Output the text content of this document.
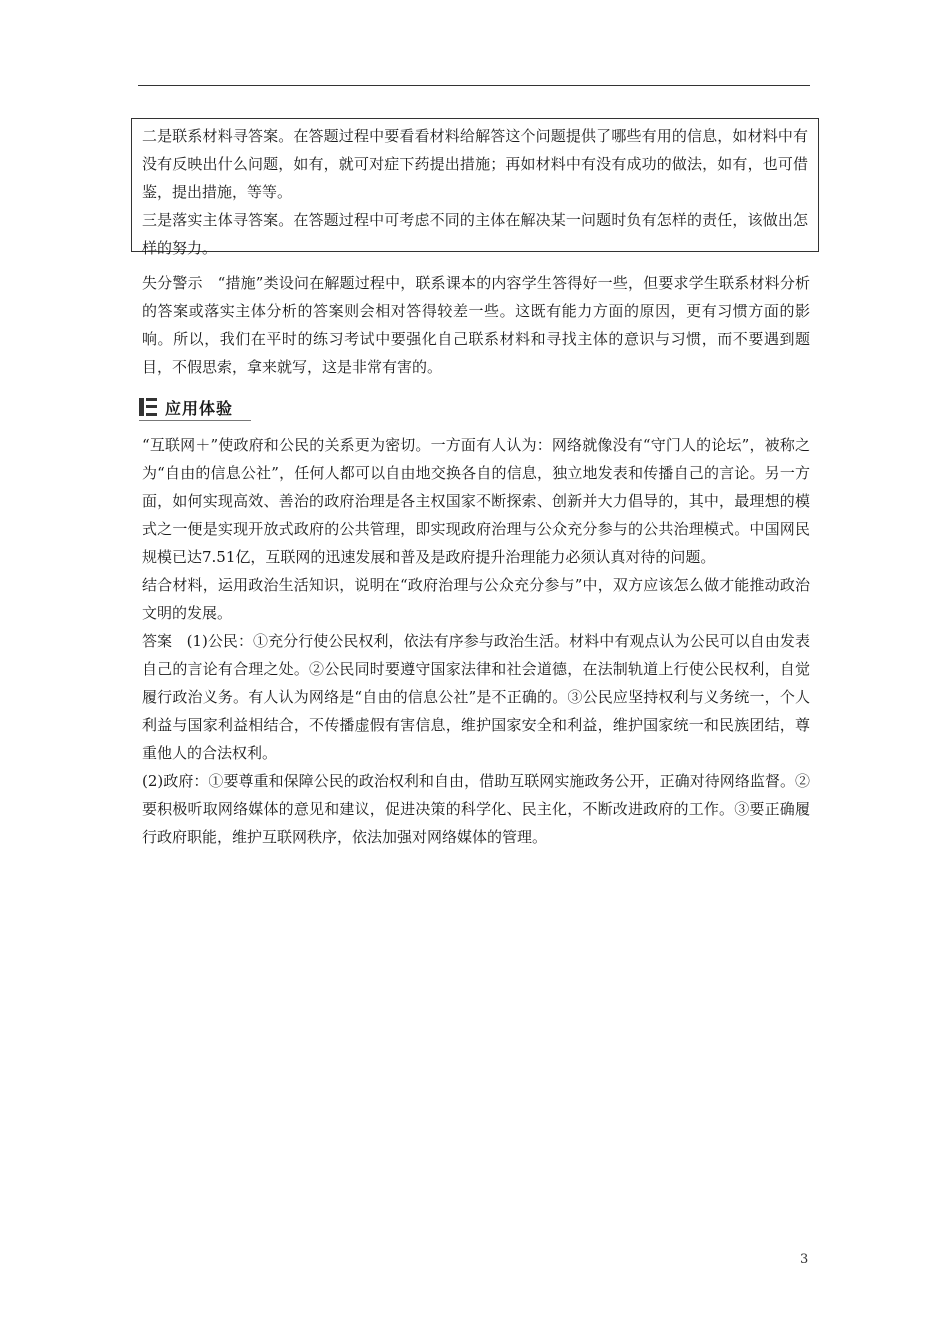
二是联系材料寻答案。在答题过程中要看看材料给解答这个问题提供了哪些有用的信息，如材料中有没有反映出什么问题，如有，就可对症下药提出措施；再如材料中有没有成功的做法，如有，也可借鉴，提出措施，等等。

三是落实主体寻答案。在答题过程中可考虑不同的主体在解决某一问题时负有怎样的责任，该做出怎样的努力。

失分警示 “措施”类设问在解题过程中，联系课本的内容学生答得好一些，但要求学生联系材料分析的答案或落实主体分析的答案则会相对答得较差一些。这既有能力方面的原因，更有习惯方面的影响。所以，我们在平时的练习考试中要强化自己联系材料和寻找主体的意识与习惯，而不要遇到题目，不假思索，拿来就写，这是非常有害的。

应用体验

“互联网＋”使政府和公民的关系更为密切。一方面有人认为：网络就像没有“守门人的论坛”，被称之为“自由的信息公社”，任何人都可以自由地交换各自的信息，独立地发表和传播自己的言论。另一方面，如何实现高效、善治的政府治理是各主权国家不断探索、创新并大力倡导的，其中，最理想的模式之一便是实现开放式政府的公共管理，即实现政府治理与公众充分参与的公共治理模式。中国网民规模已达7.51亿，互联网的迅速发展和普及是政府提升治理能力必须认真对待的问题。

结合材料，运用政治生活知识，说明在“政府治理与公众充分参与”中，双方应该怎么做才能推动政治文明的发展。

答案 (1)公民：①充分行使公民权利，依法有序参与政治生活。材料中有观点认为公民可以自由发表自己的言论有合理之处。②公民同时要遵守国家法律和社会道德，在法制轨道上行使公民权利，自觉履行政治义务。有人认为网络是“自由的信息公社”是不正确的。③公民应坚持权利与义务统一，个人利益与国家利益相结合，不传播虚假有害信息，维护国家安全和利益，维护国家统一和民族团结，尊重他人的合法权利。

(2)政府：①要尊重和保障公民的政治权利和自由，借助互联网实施政务公开，正确对待网络监督。②要积极听取网络媒体的意见和建议，促进决策的科学化、民主化，不断改进政府的工作。③要正确履行政府职能，维护互联网秩序，依法加强对网络媒体的管理。

3
